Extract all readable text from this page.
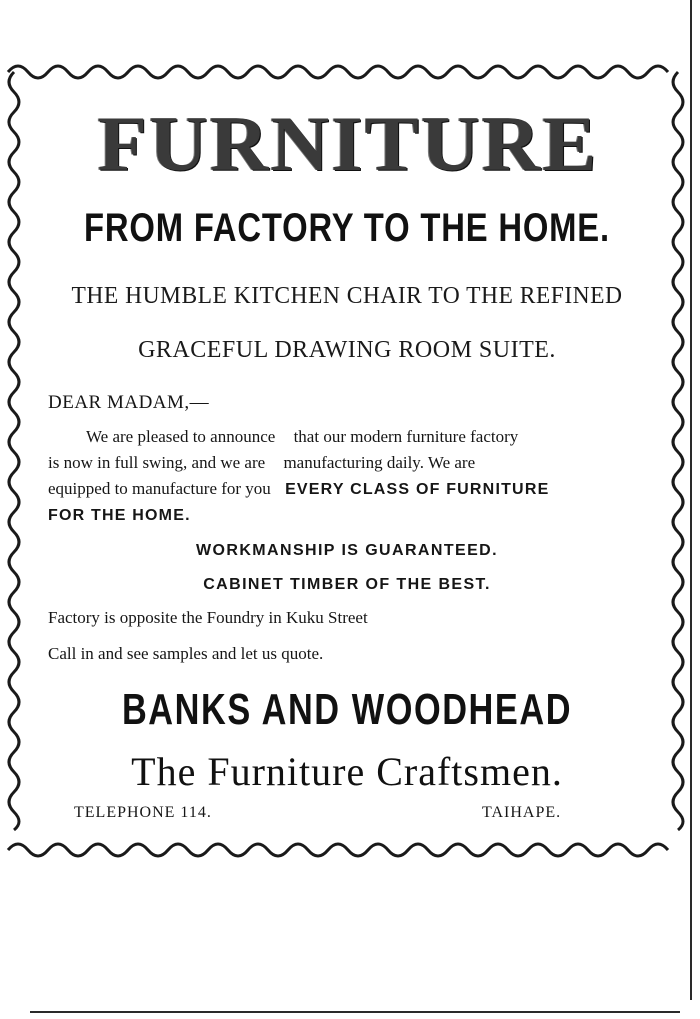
FURNITURE
FROM FACTORY TO THE HOME.
THE HUMBLE KITCHEN CHAIR TO THE REFINED
GRACEFUL DRAWING ROOM SUITE.
DEAR MADAM,—
We are pleased to announce that our modern furniture factory
is now in full swing, and we are manufacturing daily. We are
equipped to manufacture for you EVERY CLASS OF FURNITURE
FOR THE HOME.
WORKMANSHIP IS GUARANTEED.
CABINET TIMBER OF THE BEST.
Factory is opposite the Foundry in Kuku Street
Call in and see samples and let us quote.
BANKS AND WOODHEAD
The Furniture Craftsmen.
TELEPHONE 114.	TAIHAPE.
